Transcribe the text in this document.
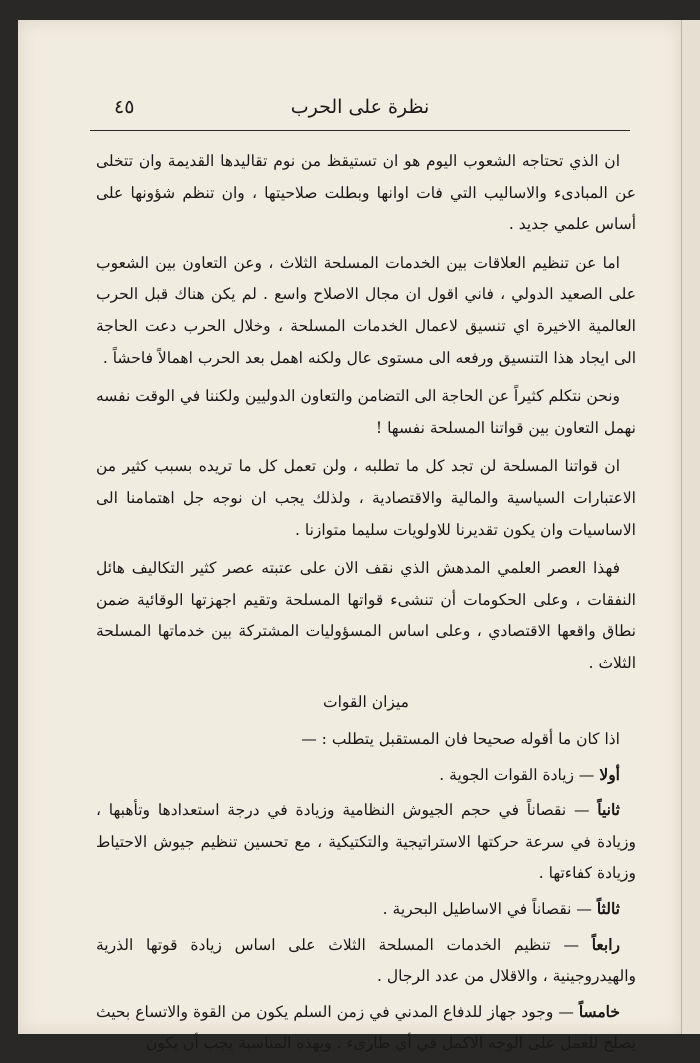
٤٥	نظرة على الحرب

ان الذي تحتاجه الشعوب اليوم هو ان تستيقظ من نوم تقاليدها القديمة وان تتخلى عن المبادىء والاساليب التي فات اوانها وبطلت صلاحيتها ، وان تنظم شؤونها على أساس علمي جديد .

اما عن تنظيم العلاقات بين الخدمات المسلحة الثلاث ، وعن التعاون بين الشعوب على الصعيد الدولي ، فاني اقول ان مجال الاصلاح واسع . لم يكن هناك قبل الحرب العالمية الاخيرة اي تنسيق لاعمال الخدمات المسلحة ، وخلال الحرب دعت الحاجة الى ايجاد هذا التنسيق ورفعه الى مستوى عال ولكنه اهمل بعد الحرب اهمالاً فاحشاً .

ونحن نتكلم كثيراً عن الحاجة الى التضامن والتعاون الدوليين ولكننا في الوقت نفسه نهمل التعاون بين قواتنا المسلحة نفسها !

ان قواتنا المسلحة لن تجد كل ما تطلبه ، ولن تعمل كل ما تريده بسبب كثير من الاعتبارات السياسية والمالية والاقتصادية ، ولذلك يجب ان نوجه جل اهتمامنا الى الاساسيات وان يكون تقديرنا للاولويات سليما متوازنا .

فهذا العصر العلمي المدهش الذي نقف الان على عتبته عصر كثير التكاليف هائل النفقات ، وعلى الحكومات أن تنشىء قواتها المسلحة وتقيم اجهزتها الوقائية ضمن نطاق واقعها الاقتصادي ، وعلى اساس المسؤوليات المشتركة بين خدماتها المسلحة الثلاث .

ميزان القوات

اذا كان ما أقوله صحيحا فان المستقبل يتطلب : —

أولا — زيادة القوات الجوية .

ثانياً — نقصاناً في حجم الجيوش النظامية وزيادة في درجة استعدادها وتأهبها ، وزيادة في سرعة حركتها الاستراتيجية والتكتيكية ، مع تحسين تنظيم جيوش الاحتياط وزيادة كفاءتها .

ثالثاً — نقصاناً في الاساطيل البحرية .

رابعاً — تنظيم الخدمات المسلحة الثلاث على اساس زيادة قوتها الذرية والهيدروجينية ، والاقلال من عدد الرجال .

خامساً — وجود جهاز للدفاع المدني في زمن السلم يكون من القوة والاتساع بحيث يصلح للعمل على الوجه الاكمل في أي طارىء . وبهذه المناسبة يجب أن يكون
